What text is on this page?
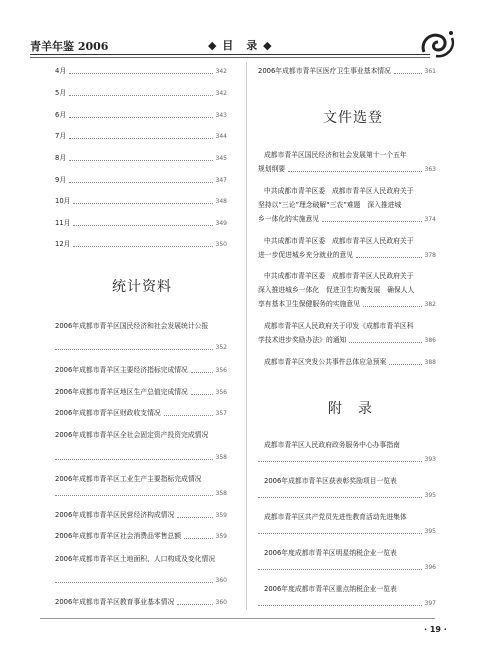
青羊年鉴 2006	◆ 目　录 ◆
4月	342
5月	342
6月	343
7月	344
8月	345
9月	347
10月	348
11月	349
12月	350
统计资料
2006年成都市青羊区国民经济和社会发展统计公报
352
2006年成都市青羊区主要经济指标完成情况	356
2006年成都市青羊区地区生产总值完成情况	356
2006年成都市青羊区财政收支情况	357
2006年成都市青羊区全社会固定资产投资完成情况
358
2006年成都市青羊区工业生产主要指标完成情况
358
2006年成都市青羊区民营经济构成情况	359
2006年成都市青羊区社会消费品零售总额	359
2006年成都市青羊区土地面积、人口构成及变化情况
360
2006年成都市青羊区教育事业基本情况	360
2006年成都市青羊区医疗卫生事业基本情况	361
文件选登
成都市青羊区国民经济和社会发展第十一个五年
规划纲要	363
中共成都市青羊区委　成都市青羊区人民政府关于
坚持以“三论”理念破解“三农”难题　深入推进城
乡一体化的实施意见	374
中共成都市青羊区委　成都市青羊区人民政府关于
进一步促进城乡充分就业的意见	378
中共成都市青羊区委　成都市青羊区人民政府关于
深入推进城乡一体化　促进卫生均衡发展　确保人人
享有基本卫生保健服务的实施意见	382
成都市青羊区人民政府关于印发《成都市青羊区科
学技术进步奖励办法》的通知	386
成都市青羊区突发公共事件总体应急预案	388
附　录
成都市青羊区人民政府政务服务中心办事指南
393
2006年成都市青羊区获表彰奖励项目一览表
395
成都市青羊区共产党员先进性教育活动先进集体
395
2006年度成都市青羊区明星纳税企业一览表
396
2006年度成都市青羊区重点纳税企业一览表
397
· 19 ·
